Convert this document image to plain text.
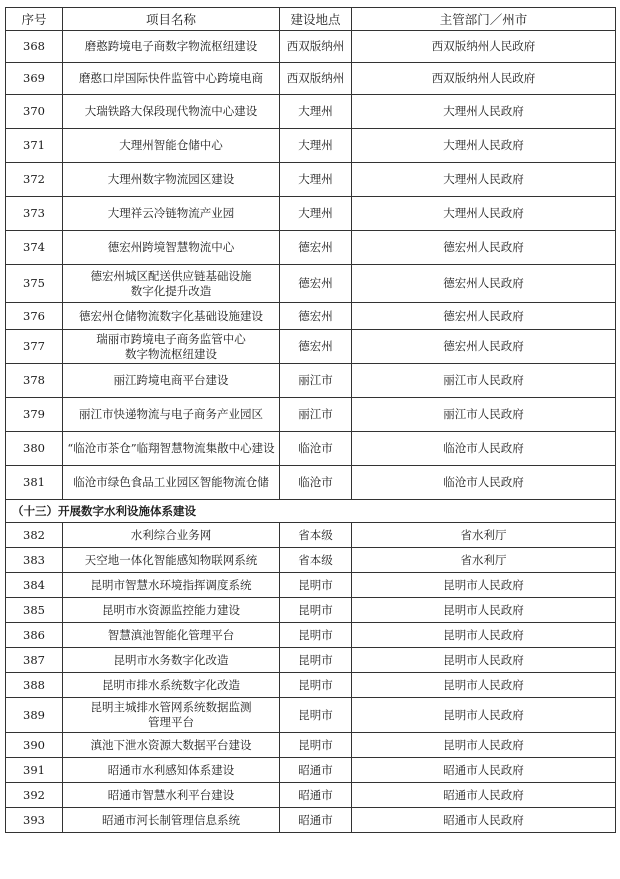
序号	项目名称	建设地点	主管部门／州市
368	磨憨跨境电子商数字物流枢纽建设	西双版纳州	西双版纳州人民政府
369	磨憨口岸国际快件监管中心跨境电商	西双版纳州	西双版纳州人民政府
370	大瑞铁路大保段现代物流中心建设	大理州	大理州人民政府
371	大理州智能仓储中心	大理州	大理州人民政府
372	大理州数字物流园区建设	大理州	大理州人民政府
373	大理祥云冷链物流产业园	大理州	大理州人民政府
374	德宏州跨境智慧物流中心	德宏州	德宏州人民政府
375	德宏州城区配送供应链基础设施
数字化提升改造	德宏州	德宏州人民政府
376	德宏州仓储物流数字化基础设施建设	德宏州	德宏州人民政府
377	瑞丽市跨境电子商务监管中心
数字物流枢纽建设	德宏州	德宏州人民政府
378	丽江跨境电商平台建设	丽江市	丽江市人民政府
379	丽江市快递物流与电子商务产业园区	丽江市	丽江市人民政府
380	“临沧市茶仓”临翔智慧物流集散中心建设	临沧市	临沧市人民政府
381	临沧市绿色食品工业园区智能物流仓储	临沧市	临沧市人民政府
（十三）开展数字水利设施体系建设			
382	水利综合业务网	省本级	省水利厅
383	天空地一体化智能感知物联网系统	省本级	省水利厅
384	昆明市智慧水环境指挥调度系统	昆明市	昆明市人民政府
385	昆明市水资源监控能力建设	昆明市	昆明市人民政府
386	智慧滇池智能化管理平台	昆明市	昆明市人民政府
387	昆明市水务数字化改造	昆明市	昆明市人民政府
388	昆明市排水系统数字化改造	昆明市	昆明市人民政府
389	昆明主城排水管网系统数据监测
管理平台	昆明市	昆明市人民政府
390	滇池下泄水资源大数据平台建设	昆明市	昆明市人民政府
391	昭通市水利感知体系建设	昭通市	昭通市人民政府
392	昭通市智慧水利平台建设	昭通市	昭通市人民政府
393	昭通市河长制管理信息系统	昭通市	昭通市人民政府
